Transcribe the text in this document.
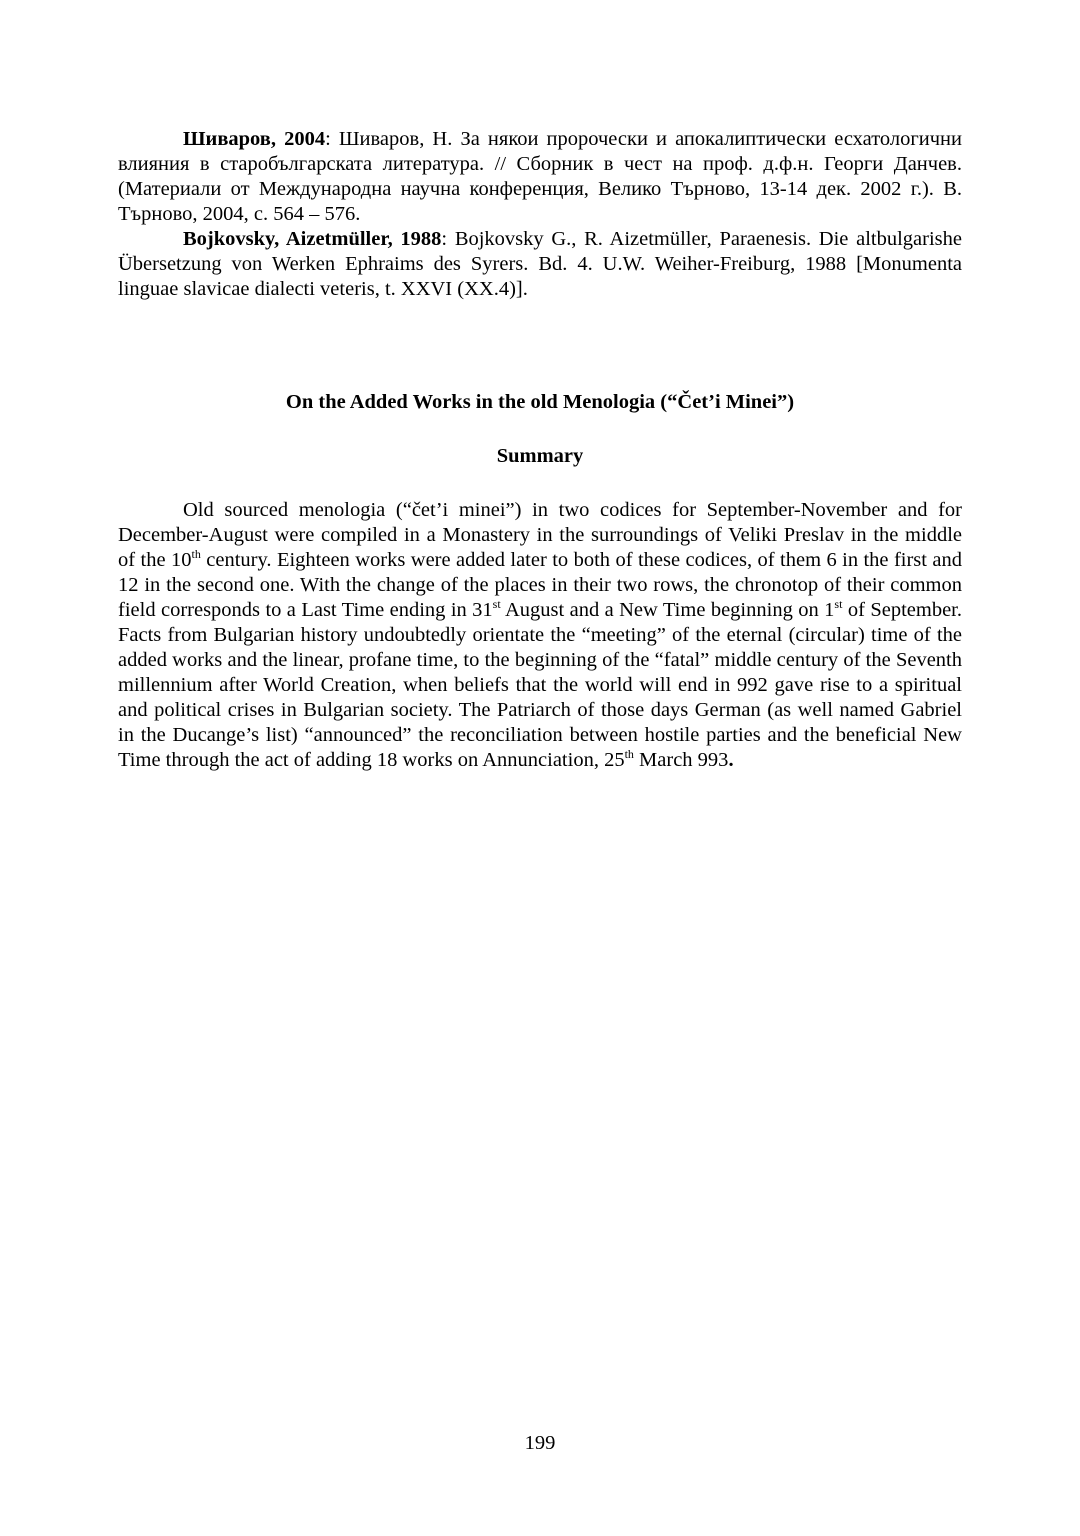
Шиваров, 2004: Шиваров, Н. За някои пророчески и апокалиптически есхатологични влияния в старобългарската литература. // Сборник в чест на проф. д.ф.н. Георги Данчев. (Материали от Международна научна конференция, Велико Търново, 13-14 дек. 2002 г.). В. Търново, 2004, с. 564 – 576.

Bojkovsky, Aizetmüller, 1988: Bojkovsky G., R. Aizetmüller, Paraenesis. Die altbulgarishe Übersetzung von Werken Ephraims des Syrers. Bd. 4. U.W. Weiher-Freiburg, 1988 [Monumenta linguae slavicae dialecti veteris, t. XXVI (XX.4)].

On the Added Works in the old Menologia (“Čet’i Minei”)
Summary

Old sourced menologia (“čet’i minei”) in two codices for September-November and for December-August were compiled in a Monastery in the surroundings of Veliki Preslav in the middle of the 10th century. Eighteen works were added later to both of these codices, of them 6 in the first and 12 in the second one. With the change of the places in their two rows, the chronotop of their common field corresponds to a Last Time ending in 31st August and a New Time beginning on 1st of September. Facts from Bulgarian history undoubtedly orientate the “meeting” of the eternal (circular) time of the added works and the linear, profane time, to the beginning of the “fatal” middle century of the Seventh millennium after World Creation, when beliefs that the world will end in 992 gave rise to a spiritual and political crises in Bulgarian society. The Patriarch of those days German (as well named Gabriel in the Ducange’s list) “announced” the reconciliation between hostile parties and the beneficial New Time through the act of adding 18 works on Annunciation, 25th March 993.

199
